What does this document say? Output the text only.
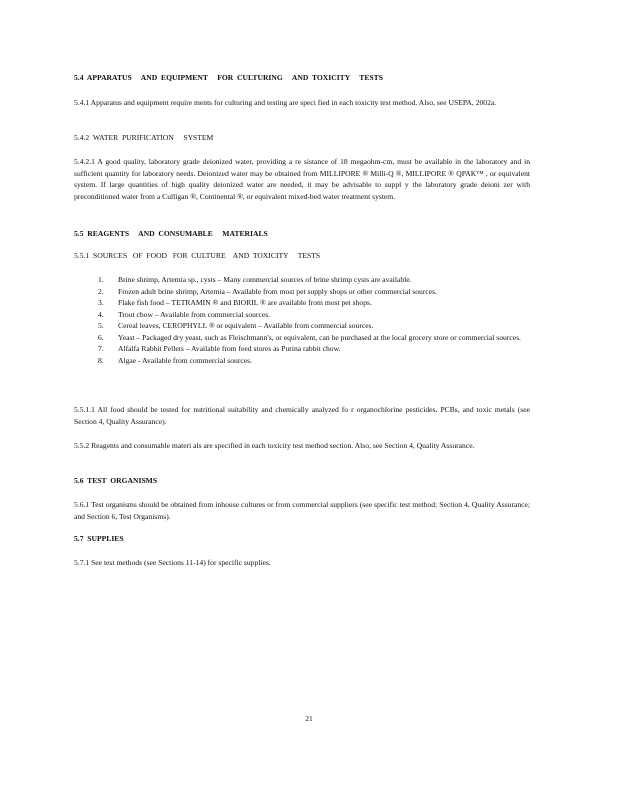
5.4  APPARATUS     AND  EQUIPMENT     FOR  CULTURING     AND  TOXICITY     TESTS
5.4.1 Apparatus and equipment require ments for culturing and testing are speci fied in each toxicity test method. Also, see USEPA, 2002a.
5.4.2  WATER  PURIFICATION     SYSTEM
5.4.2.1 A good quality, laboratory grade deionized water, providing a re sistance of 18 megaohm-cm, must be available in the laboratory and in sufficient quantity for laboratory needs. Deionized water may be obtained from MILLIPORE ® Milli-Q ®, MILLIPORE ® QPAK™ , or equivalent system. If large quantities of high quality deionized water are needed, it may be advisable to suppl y the laboratory grade deioni zer with preconditioned water from a Culligan ®, Continental ®, or equivalent mixed-bed water treatment system.
5.5  REAGENTS     AND  CONSUMABLE     MATERIALS
5.5.1  SOURCES   OF  FOOD   FOR  CULTURE    AND  TOXICITY     TESTS
1. Brine shrimp, Artemia sp., cysts – Many commercial sources of brine shrimp cysts are available.
2. Frozen adult brine shrimp, Artemia – Available from most pet supply shops or other commercial sources.
3. Flake fish food – TETRAMIN ® and BIORIL ® are available from most pet shops.
4. Trout chow – Available from commercial sources.
5. Cereal leaves, CEROPHYLL ® or equivalent – Available from commercial sources.
6. Yeast – Packaged dry yeast, such as Fleischmann's, or equivalent, can be purchased at the local grocery store or commercial sources.
7. Alfalfa Rabbit Pellets – Available from feed stores as Purina rabbit chow.
8. Algae - Available from commercial sources.
5.5.1.1 All food should be tested for nutritional suitability and chemically analyzed fo r organochlorine pesticides, PCBs, and toxic metals (see Section 4, Quality Assurance).
5.5.2 Reagents and consumable materi als are specified in each toxicity test method section. Also, see Section 4, Quality Assurance.
5.6  TEST  ORGANISMS
5.6.1 Test organisms should be obtained from inhouse cultures or from commercial suppliers (see specific test method; Section 4, Quality Assurance; and Section 6, Test Organisms).
5.7  SUPPLIES
5.7.1 See test methods (see Sections 11-14) for specific supplies.
21
